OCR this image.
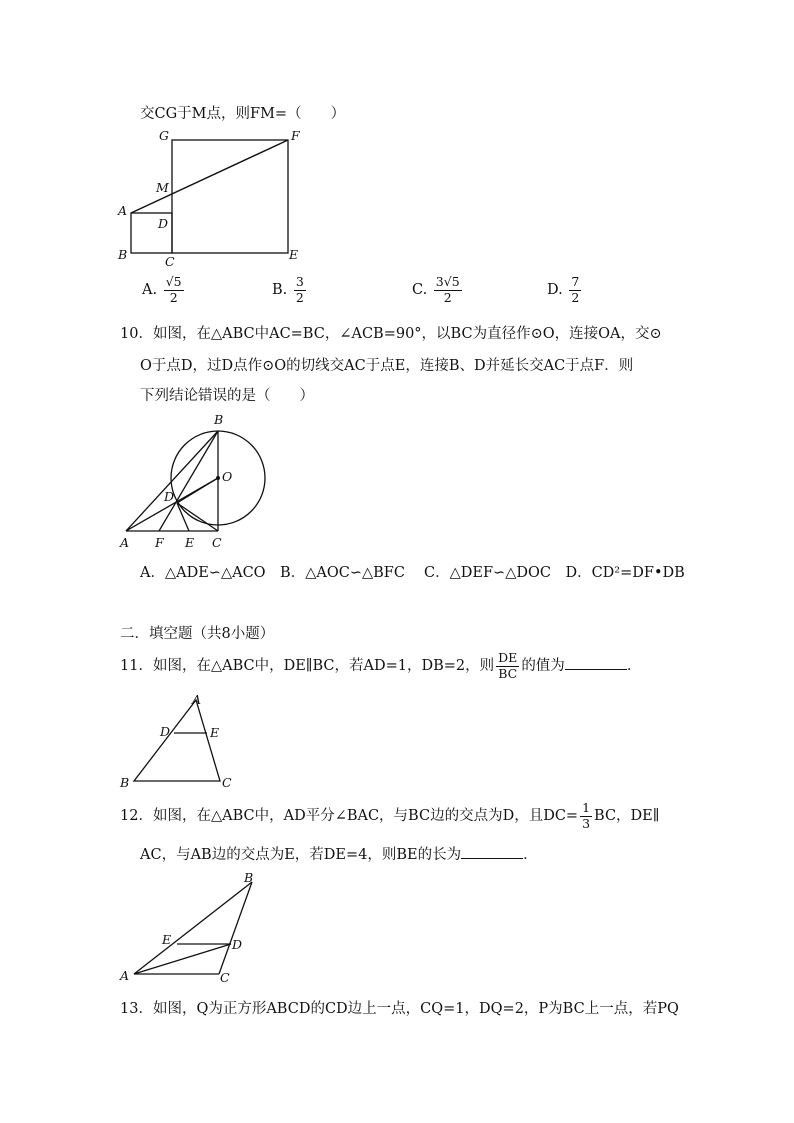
交CG于M点，则FM=（　　）
G	F
M
A
D
B	C	E
A. $\frac{√5}{2}$	B. $\frac{3}{2}$	C. $\frac{3√5}{2}$	D. $\frac{7}{2}$
10．如图，在△ABC中AC=BC，∠ACB=90°，以BC为直径作⊙O，连接OA，交⊙
O于点D，过D点作⊙O的切线交AC于点E，连接B、D并延长交AC于点F．则
下列结论错误的是（　　）
B
O
D
A F E C
A．△ADE∽△ACO　B．△AOC∽△BFC　 C．△DEF∽△DOC　D．CD²=DF•DB
二．填空题（共8小题）
11．如图，在△ABC中，DE∥BC，若AD=1，DB=2，则 $\frac{DE}{BC}$ 的值为	．
A
D	E
B	C
12．如图，在△ABC中，AD平分∠BAC，与BC边的交点为D，且$DC= \frac{1}{3}$ BC，DE∥
AC，与AB边的交点为E，若DE=4，则BE的长为	．
B
E	D
A	C
13．如图，Q为正方形ABCD的CD边上一点，CQ=1，DQ=2，P为BC上一点，若PQ
